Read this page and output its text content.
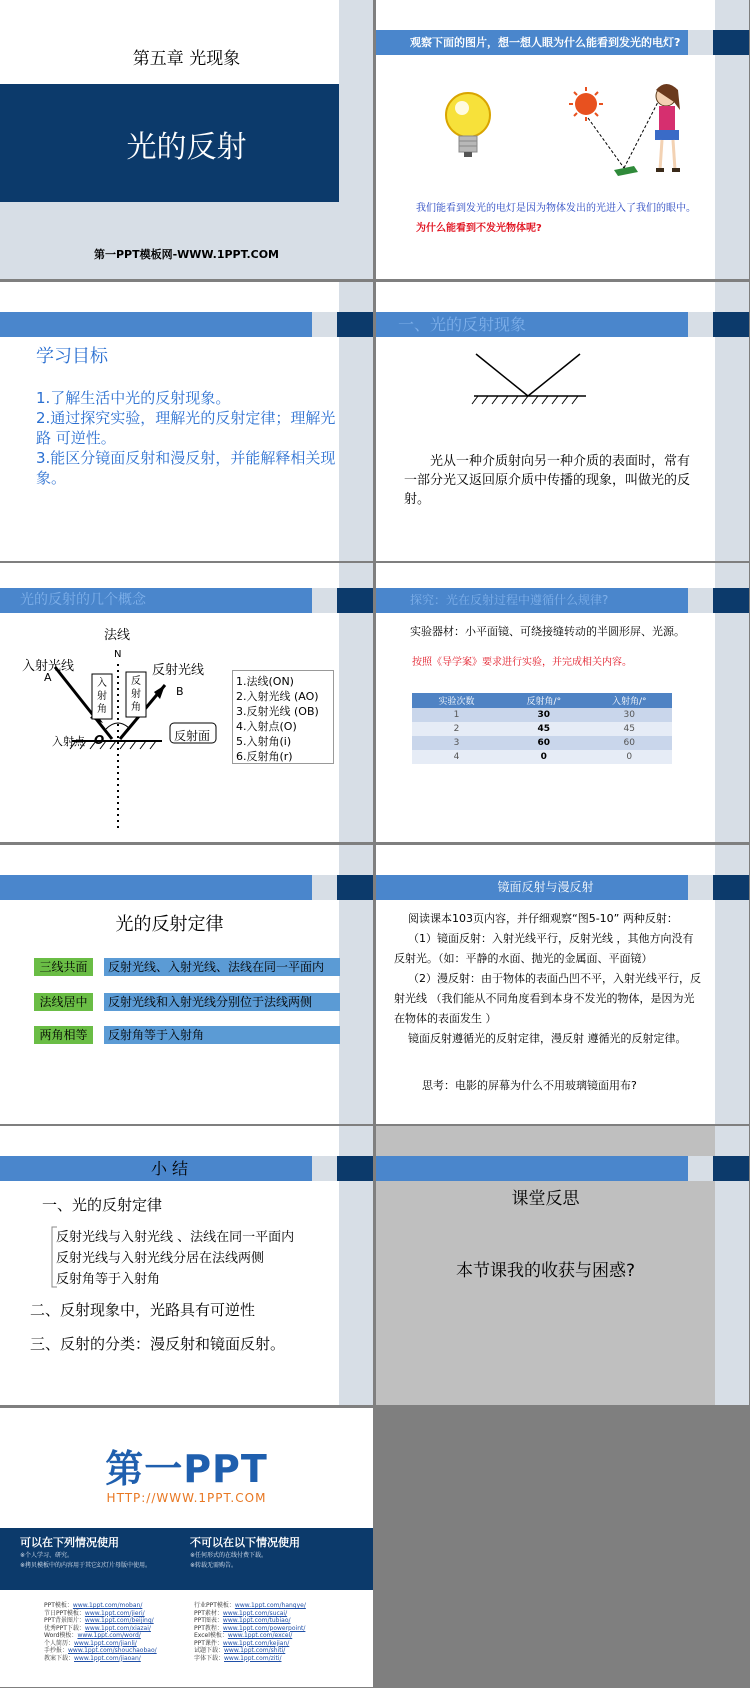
第五章 光现象
光的反射
第一PPT模板网-WWW.1PPT.COM
观察下面的图片，想一想人眼为什么能看到发光的电灯?
我们能看到发光的电灯是因为物体发出的光进入了我们的眼中。
为什么能看到不发光物体呢?
学习目标
1.了解生活中光的反射现象。
2.通过探究实验，理解光的反射定律；理解光路 可逆性。
3.能区分镜面反射和漫反射，并能解释相关现象。
一、光的反射现象
光从一种介质射向另一种介质的表面时，常有一部分光又返回原介质中传播的现象，叫做光的反射。
光的反射的几个概念
法线
N
入射光线
A	反射光线
B
入射角
反射角
入射点 O	反射面
1.法线(ON)
2.入射光线 (AO)
3.反射光线 (OB)
4.入射点(O)
5.入射角(i)
6.反射角(r)
探究：光在反射过程中遵循什么规律?
实验器材：小平面镜、可绕接缝转动的半圆形屏、光源。
按照《导学案》要求进行实验，并完成相关内容。
实验次数	反射角/°	入射角/°
1	30	30
2	45	45
3	60	60
4	0	0
光的反射定律
三线共面	反射光线、入射光线、法线在同一平面内
法线居中	反射光线和入射光线分别位于法线两侧
两角相等	反射角等于入射角
镜面反射与漫反射
阅读课本103页内容，并仔细观察“图5-10” 两种反射：
（1）镜面反射：入射光线平行，反射光线 ，其他方向没有反射光。（如：平静的水面、抛光的金属面、平面镜）
（2）漫反射：由于物体的表面凸凹不平，入射光线平行，反射光线 （我们能从不同角度看到本身不发光的物体，是因为光在物体的表面发生 ）
镜面反射遵循光的反射定律，漫反射 遵循光的反射定律。
思考：电影的屏幕为什么不用玻璃镜面用布?
小 结
一、光的反射定律
反射光线与入射光线 、法线在同一平面内
反射光线与入射光线分居在法线两侧
反射角等于入射角
二、反射现象中，光路具有可逆性
三、反射的分类：漫反射和镜面反射。
课堂反思
本节课我的收获与困惑?
第一PPT
HTTP://WWW.1PPT.COM
可以在下列情况使用
※个人学习、研究。
※拷贝模板中的内容用于其它幻灯片母版中使用。
不可以在以下情况使用
※任何形式的在线付费下载。
※转载无需购告。
PPT模板：www.1ppt.com/moban/
节日PPT模板：www.1ppt.com/jieri/
PPT背景图片：www.1ppt.com/beijing/
优秀PPT下载：www.1ppt.com/xiazai/
Word模板：www.1ppt.com/word/
个人简历：www.1ppt.com/jianli/
手抄报：www.1ppt.com/shouchaobao/
教案下载：www.1ppt.com/jiaoan/
行业PPT模板：www.1ppt.com/hangye/
PPT素材：www.1ppt.com/sucai/
PPT图表：www.1ppt.com/tubiao/
PPT教程：www.1ppt.com/powerpoint/
Excel模板：www.1ppt.com/excel/
PPT课件：www.1ppt.com/kejian/
试题下载：www.1ppt.com/shiti/
字体下载：www.1ppt.com/ziti/
